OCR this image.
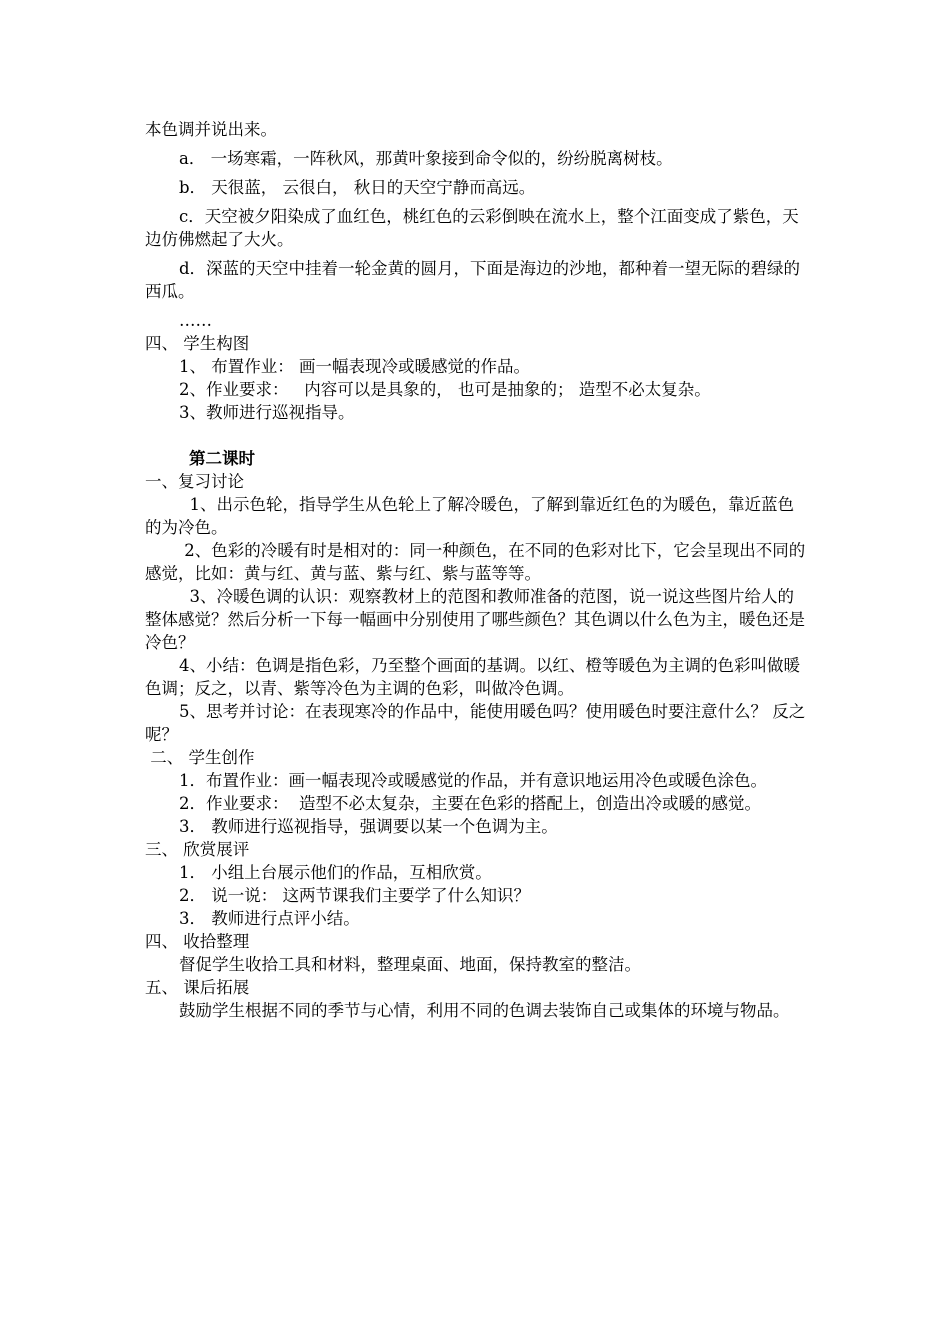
本色调并说出来。

a． 一场寒霜，一阵秋风，那黄叶象接到命令似的，纷纷脱离树枝。

b． 天很蓝， 云很白， 秋日的天空宁静而高远。

c．天空被夕阳染成了血红色，桃红色的云彩倒映在流水上，整个江面变成了紫色，天边仿佛燃起了大火。

d．深蓝的天空中挂着一轮金黄的圆月，下面是海边的沙地，都种着一望无际的碧绿的西瓜。

……

四、 学生构图

1、 布置作业： 画一幅表现冷或暖感觉的作品。

2、作业要求：   内容可以是具象的， 也可是抽象的； 造型不必太复杂。

3、教师进行巡视指导。

第二课时

一、复习讨论

1、出示色轮，指导学生从色轮上了解冷暖色，了解到靠近红色的为暖色，靠近蓝色的为冷色。

2、色彩的冷暖有时是相对的：同一种颜色，在不同的色彩对比下，它会呈现出不同的感觉，比如：黄与红、黄与蓝、紫与红、紫与蓝等等。

3、冷暖色调的认识：观察教材上的范图和教师准备的范图，说一说这些图片给人的整体感觉？然后分析一下每一幅画中分别使用了哪些颜色？其色调以什么色为主，暖色还是冷色？

4、小结：色调是指色彩，乃至整个画面的基调。以红、橙等暖色为主调的色彩叫做暖色调；反之，以青、紫等冷色为主调的色彩，叫做冷色调。

5、思考并讨论：在表现寒冷的作品中，能使用暖色吗？使用暖色时要注意什么？ 反之呢？

二、 学生创作

1．布置作业：画一幅表现冷或暖感觉的作品，并有意识地运用冷色或暖色涂色。

2．作业要求：  造型不必太复杂，主要在色彩的搭配上，创造出冷或暖的感觉。

3． 教师进行巡视指导，强调要以某一个色调为主。

三、 欣赏展评

1． 小组上台展示他们的作品，互相欣赏。

2． 说一说： 这两节课我们主要学了什么知识？

3． 教师进行点评小结。

四、 收拾整理

督促学生收拾工具和材料，整理桌面、地面，保持教室的整洁。

五、 课后拓展

鼓励学生根据不同的季节与心情，利用不同的色调去装饰自己或集体的环境与物品。
